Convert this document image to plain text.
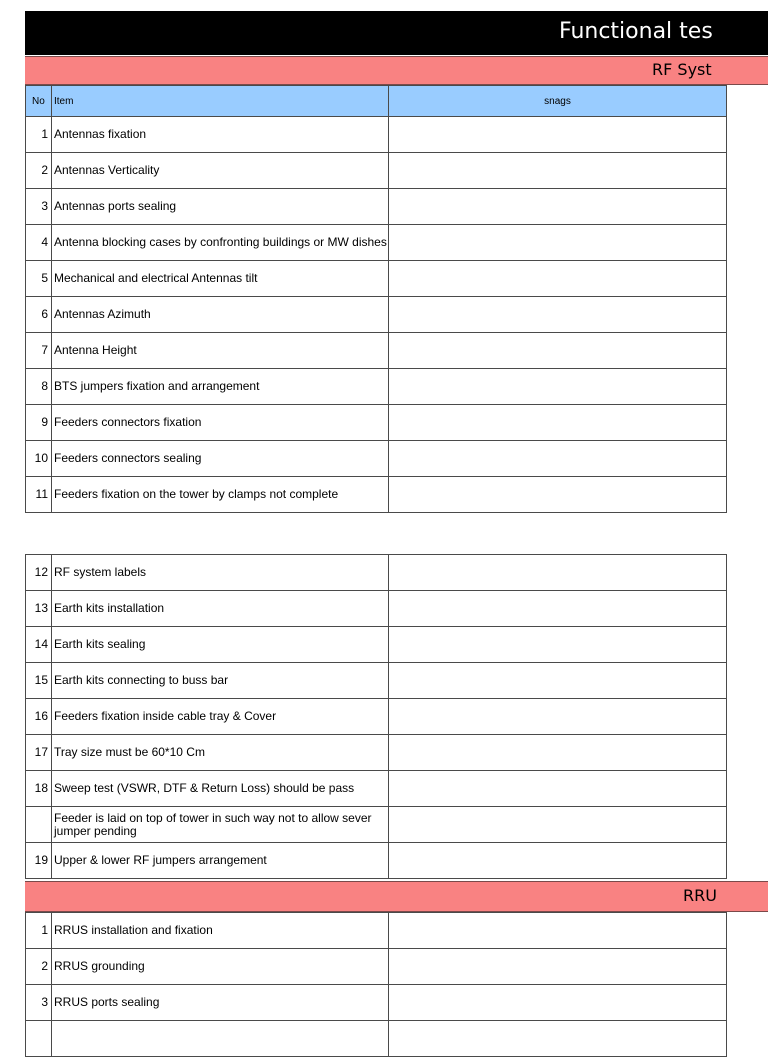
Functional tes
RF Syst
No	Item	snags
1	Antennas fixation	
2	Antennas Verticality	
3	Antennas ports sealing	
4	Antenna blocking cases by confronting buildings or MW dishes	
5	Mechanical and electrical Antennas tilt	
6	Antennas Azimuth	
7	Antenna Height	
8	BTS jumpers fixation and arrangement	
9	Feeders connectors fixation	
10	Feeders connectors sealing	
11	Feeders fixation on the tower by clamps not complete	
12	RF system labels	
13	Earth kits installation	
14	Earth kits sealing	
15	Earth kits connecting to buss bar	
16	Feeders fixation inside cable tray & Cover	
17	Tray size must be 60*10 Cm	
18	Sweep test (VSWR, DTF & Return Loss) should be pass	
	Feeder is laid on top of tower in such way not to allow sever jumper pending	
19	Upper & lower RF jumpers arrangement	
RRU
1	RRUS installation and fixation	
2	RRUS grounding	
3	RRUS ports sealing	
